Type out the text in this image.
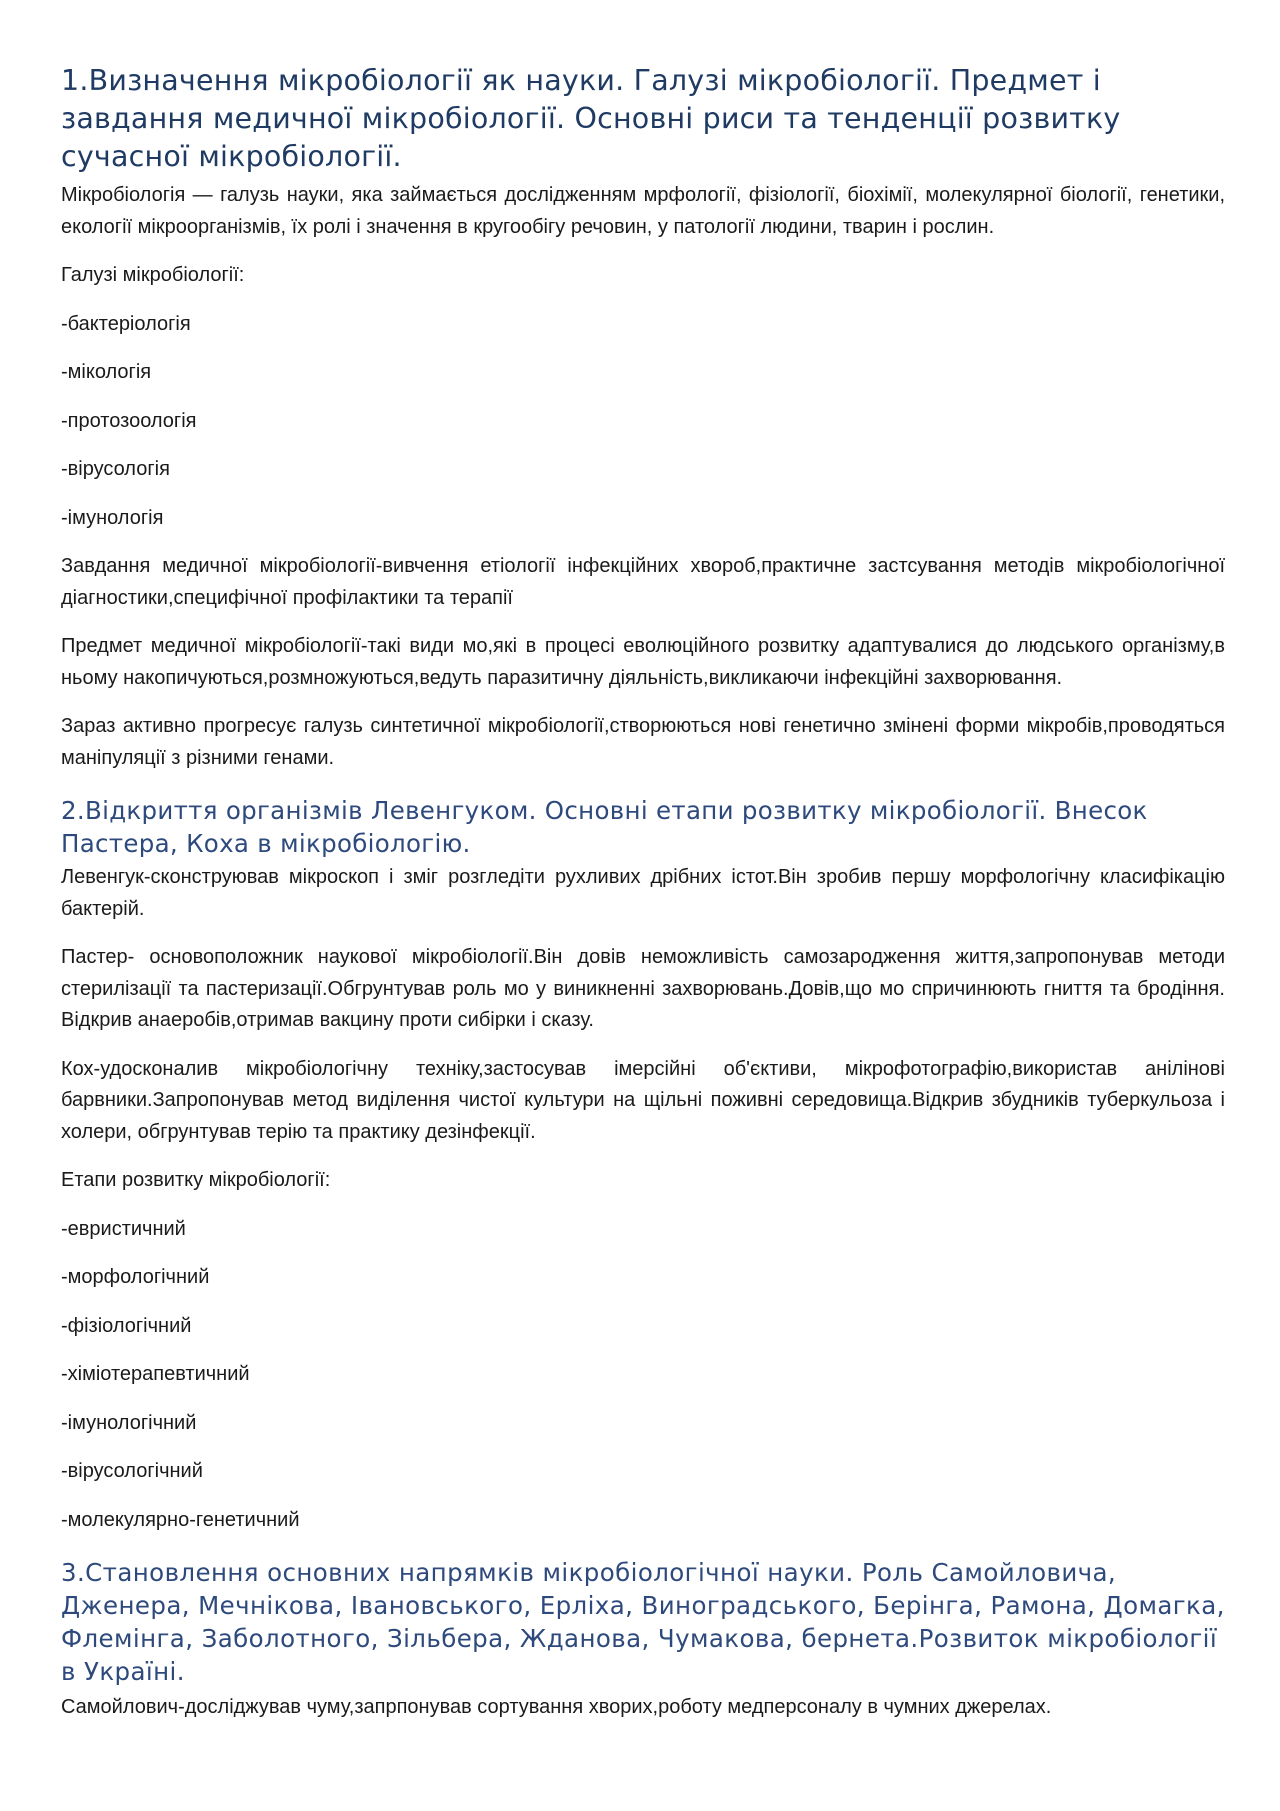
1.Визначення мікробіології як науки. Галузі мікробіології. Предмет і завдання медичної мікробіології. Основні риси та тенденції розвитку сучасної мікробіології.

Мікробіологія — галузь науки, яка займається дослідженням мрфології, фізіології, біохімії, молекулярної біології, генетики, екології мікроорганізмів, їх ролі і значення в кругообігу речовин, у патології людини, тварин і рослин.

Галузі мікробіології:

-бактеріологія
-мікологія
-протозоологія
-вірусологія
-імунологія

Завдання медичної мікробіології-вивчення етіології інфекційних хвороб,практичне застсування методів мікробіологічної діагностики,специфічної профілактики та терапії

Предмет медичної мікробіології-такі види мо,які в процесі еволюційного розвитку адаптувалися до людського організму,в ньому накопичуються,розмножуються,ведуть паразитичну діяльність,викликаючи інфекційні захворювання.

Зараз активно прогресує галузь синтетичної мікробіології,створюються нові генетично змінені форми мікробів,проводяться маніпуляції з різними генами.

2.Відкриття організмів Левенгуком. Основні етапи розвитку мікробіології. Внесок Пастера, Коха в мікробіологію.

Левенгук-сконструював мікроскоп і зміг розгледіти рухливих дрібних істот.Він зробив першу морфологічну класифікацію бактерій.

Пастер- основоположник наукової мікробіології.Він довів неможливість самозародження життя,запропонував методи стерилізації та пастеризації.Обгрунтував роль мо у виникненні захворювань.Довів,що мо спричинюють гниття та бродіння. Відкрив анаеробів,отримав вакцину проти сибірки і сказу.

Кох-удосконалив мікробіологічну техніку,застосував імерсійні об'єктиви, мікрофотографію,використав анілінові барвники.Запропонував метод виділення чистої культури на щільні поживні середовища.Відкрив збудників туберкульоза і холери, обгрунтував терію та практику дезінфекції.

Етапи розвитку мікробіології:

-евристичний
-морфологічний
-фізіологічний
-хіміотерапевтичний
-імунологічний
-вірусологічний
-молекулярно-генетичний
3.Становлення основних напрямків мікробіологічної науки. Роль Самойловича, Дженера, Мечнікова, Івановського, Ерліха, Виноградського, Берінга, Рамона, Домагка, Флемінга, Заболотного, Зільбера, Жданова, Чумакова, бернета.Розвиток мікробіології в Україні.

Самойлович-досліджував чуму,запрпонував сортування хворих,роботу медперсоналу в чумних джерелах.
